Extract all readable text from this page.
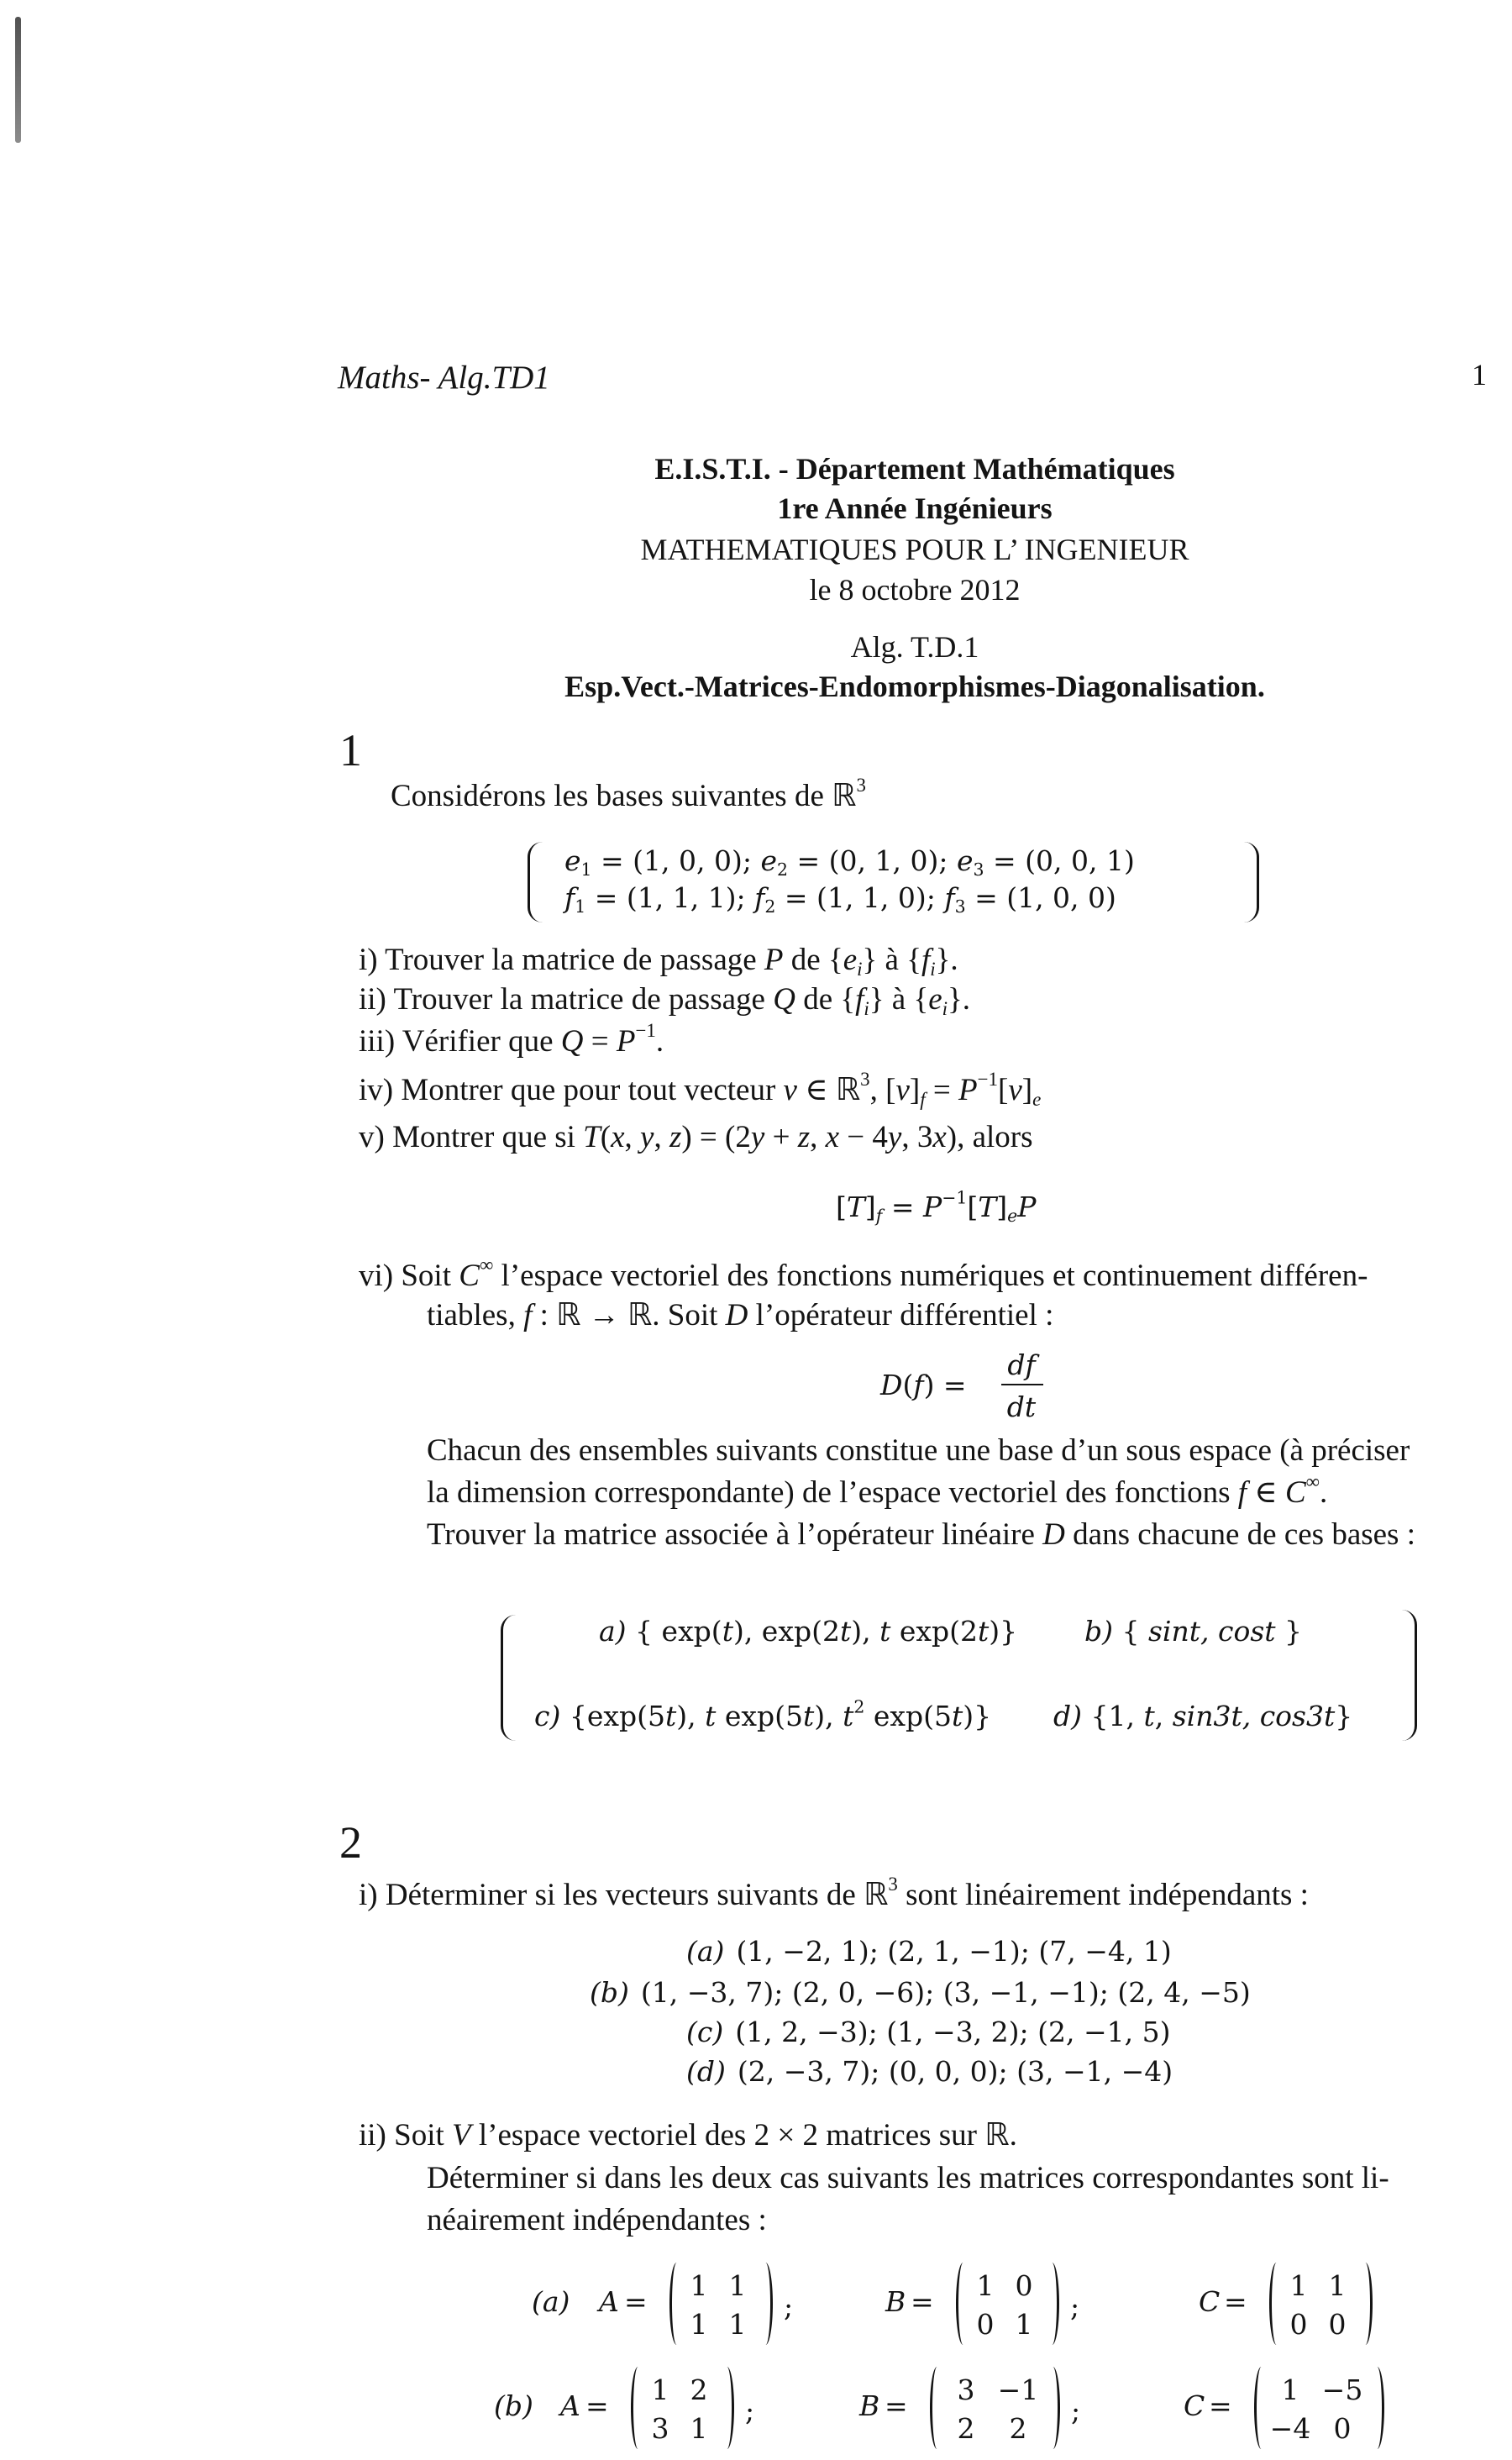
Maths- Alg.TD1	1
E.I.S.T.I. - Département Mathématiques
1re Année Ingénieurs
MATHEMATIQUES POUR L’ INGENIEUR
le 8 octobre 2012
Alg. T.D.1
Esp.Vect.-Matrices-Endomorphismes-Diagonalisation.
1
Considérons les bases suivantes de ℝ$^3$
$e_1 = (1$, 0, 0); $e_2 = (0$, 1, 0); $e_3 = (0$, 0, 1)
$f_1 = (1$, 1, 1); $f_2 = (1$, 1, 0); $f_3 = (1$, 0, 0)
i) Trouver la matrice de passage P de $\{e_i\}$ à $\{f_i\}$.
ii) Trouver la matrice de passage Q de $\{f_i\}$ à $\{e_i\}$.
iii) Vérifier que $Q = P^{-1}$.
iv) Montrer que pour tout vecteur v ∈ ℝ$^3$, $[v]_f = P^{-1}[v]_e$
v) Montrer que si T(x, y, z) = (2y + z, x − 4y, 3x), alors
$[T]_f = P^{-1}[T]_eP$
vi) Soit C∞ l’espace vectoriel des fonctions numériques et continuement différen-
tiables, f : ℝ → ℝ. Soit D l’opérateur différentiel :
D(f) =
df
dt
Chacun des ensembles suivants constitue une base d’un sous espace (à préciser
la dimension correspondante) de l’espace vectoriel des fonctions f ∈ C∞.
Trouver la matrice associée à l’opérateur linéaire D dans chacune de ces bases :
a) { exp(t), exp(2t), t exp(2t)} b) { sint, cost }
c) {exp(5t), t exp(5t), $t^2$ exp(5t)} d) {1, t, sin3t, cos3t}
2
i) Déterminer si les vecteurs suivants de ℝ$^3$ sont linéairement indépendants :
(a) (1, −2, 1); (2, 1, −1); (7, −4, 1)
(b) (1, −3, 7); (2, 0, −6); (3, −1, −1); (2, 4, −5)
(c) (1, 2, −3); (1, −3, 2); (2, −1, 5)
(d) (2, −3, 7); (0, 0, 0); (3, −1, −4)
ii) Soit V l’espace vectoriel des 2 × 2 matrices sur ℝ.
Déterminer si dans les deux cas suivants les matrices correspondantes sont li-
néairement indépendantes :
(a) A =	1 1
1 1
;	B =	1 0
0 1
;	C =	1 1
0 0
(b) A =	1 2
3 1
;	B =	3 −1
2	2
;	C =	1 −5
−4 0
